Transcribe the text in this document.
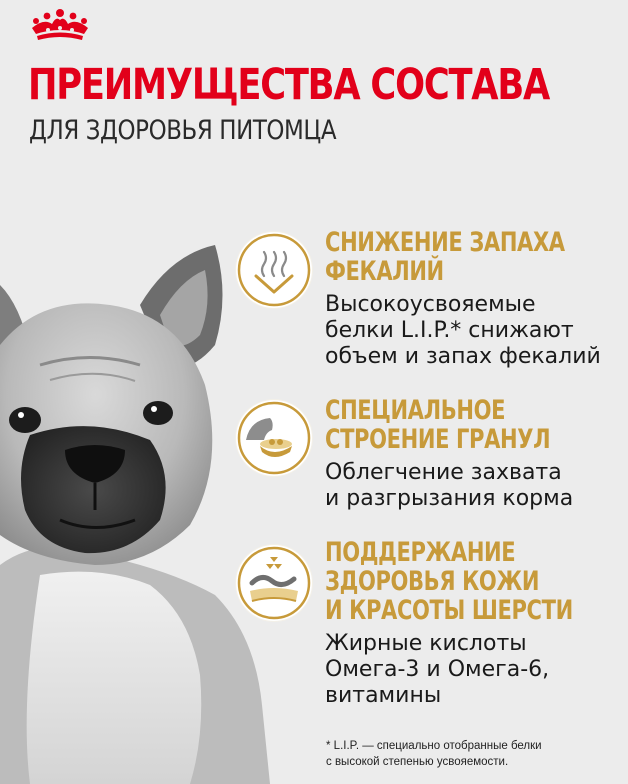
ПРЕИМУЩЕСТВА СОСТАВА
ДЛЯ ЗДОРОВЬЯ ПИТОМЦА

СНИЖЕНИЕ ЗАПАХА

ФЕКАЛИЙ

Высокоусвояемые

белки L.I.P.* снижают

объем и запах фекалий

СПЕЦИАЛЬНОЕ

СТРОЕНИЕ ГРАНУЛ

Облегчение захвата

и разгрызания корма

ПОДДЕРЖАНИЕ

ЗДОРОВЬЯ КОЖИ

И КРАСОТЫ ШЕРСТИ

Жирные кислоты

Омега-3 и Омега-6,

витамины

* L.I.P. — специально отобранные белки
с высокой степенью усвояемости.
